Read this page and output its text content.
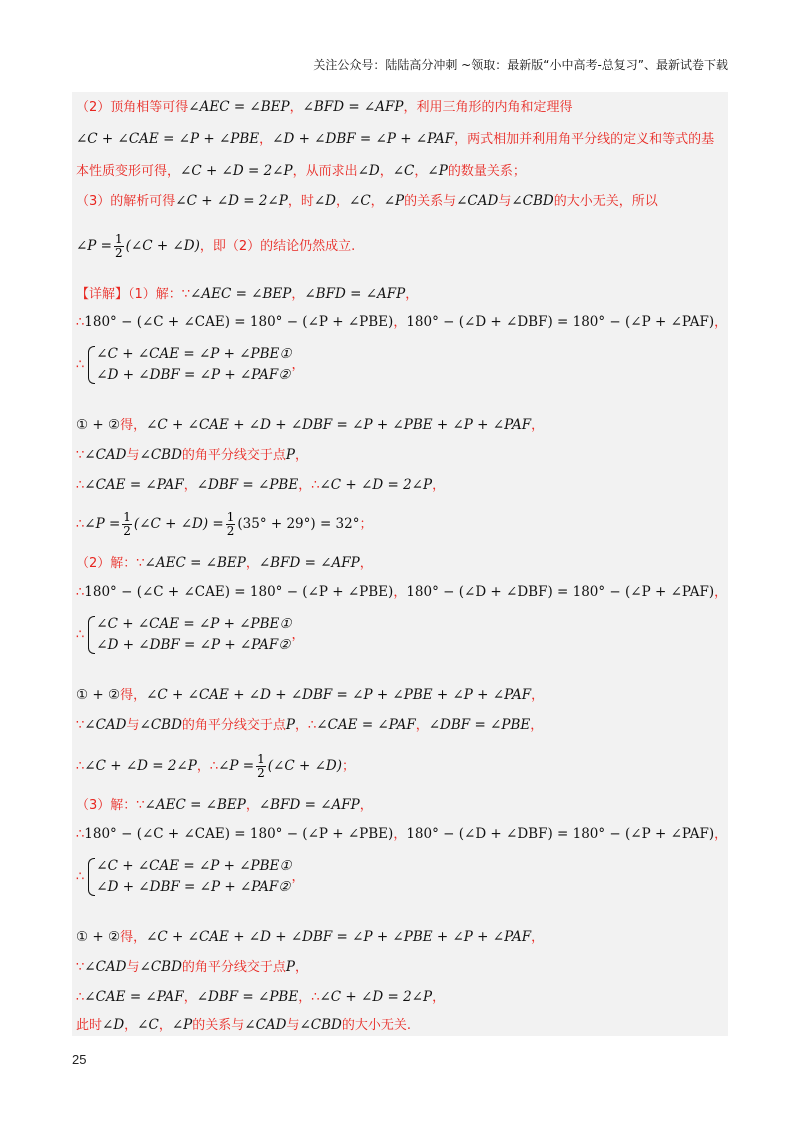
关注公众号：陆陆高分冲刺 ~领取：最新版“小中高考-总复习”、最新试卷下载
（2）顶角相等可得∠AEC = ∠BEP，∠BFD = ∠AFP，利用三角形的内角和定理得
∠C + ∠CAE = ∠P + ∠PBE，∠D + ∠DBF = ∠P + ∠PAF，两式相加并利用角平分线的定义和等式的基
本性质变形可得，∠C + ∠D = 2∠P，从而求出∠D，∠C，∠P的数量关系；
（3）的解析可得∠C + ∠D = 2∠P，时∠D，∠C，∠P的关系与∠CAD与∠CBD的大小无关，所以
∠P = $\frac{1}{2}$ (∠C + ∠D)，即（2）的结论仍然成立.
【详解】（1）解：∵∠AEC = ∠BEP，∠BFD = ∠AFP，
∴180° − (∠C + ∠CAE) = 180° − (∠P + ∠PBE)，180° − (∠D + ∠DBF) = 180° − (∠P + ∠PAF)，
∴
∠C + ∠CAE = ∠P + ∠PBE①
∠D + ∠DBF = ∠P + ∠PAF②
，
① + ②得，∠C + ∠CAE + ∠D + ∠DBF = ∠P + ∠PBE + ∠P + ∠PAF，
∵∠CAD与∠CBD的角平分线交于点P，
∴∠CAE = ∠PAF，∠DBF = ∠PBE，∴∠C + ∠D = 2∠P，
∴∠P = $\frac{1}{2}$ (∠C + ∠D) = $\frac{1}{2} (35^\circ + 29^\circ) = 32^\circ$；
（2）解：∵∠AEC = ∠BEP，∠BFD = ∠AFP，
∴180° − (∠C + ∠CAE) = 180° − (∠P + ∠PBE)，180° − (∠D + ∠DBF) = 180° − (∠P + ∠PAF)，
∴
∠C + ∠CAE = ∠P + ∠PBE①
∠D + ∠DBF = ∠P + ∠PAF②
，
① + ②得，∠C + ∠CAE + ∠D + ∠DBF = ∠P + ∠PBE + ∠P + ∠PAF，
∵∠CAD与∠CBD的角平分线交于点P，∴∠CAE = ∠PAF，∠DBF = ∠PBE，
∴∠C + ∠D = 2∠P，∴∠P = $\frac{1}{2}$ (∠C + ∠D)；
（3）解：∵∠AEC = ∠BEP，∠BFD = ∠AFP，
∴180° − (∠C + ∠CAE) = 180° − (∠P + ∠PBE)，180° − (∠D + ∠DBF) = 180° − (∠P + ∠PAF)，
∴
∠C + ∠CAE = ∠P + ∠PBE①
∠D + ∠DBF = ∠P + ∠PAF②
，
① + ②得，∠C + ∠CAE + ∠D + ∠DBF = ∠P + ∠PBE + ∠P + ∠PAF，
∵∠CAD与∠CBD的角平分线交于点P，
∴∠CAE = ∠PAF，∠DBF = ∠PBE，∴∠C + ∠D = 2∠P，
此时∠D，∠C，∠P的关系与∠CAD与∠CBD的大小无关.
25
